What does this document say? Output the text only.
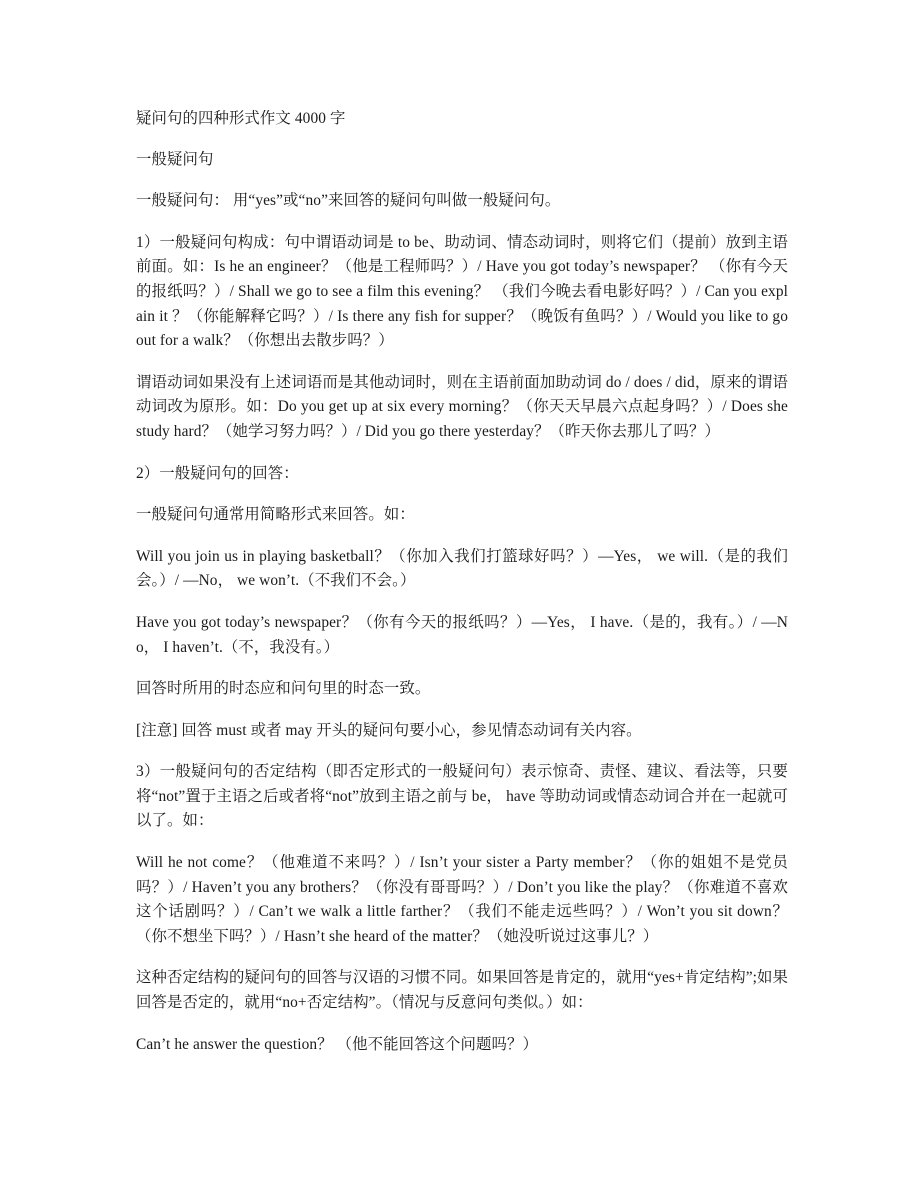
疑问句的四种形式作文 4000 字

一般疑问句

一般疑问句： 用“yes”或“no”来回答的疑问句叫做一般疑问句。

1）一般疑问句构成：句中谓语动词是 to be、助动词、情态动词时，则将它们（提前）放到主语前面。如：Is he an engineer？（他是工程师吗？）/ Have you got today’s newspaper？ （你有今天的报纸吗？）/ Shall we go to see a film this evening？ （我们今晚去看电影好吗？）/ Can you explain it ？（你能解释它吗？）/ Is there any fish for supper？（晚饭有鱼吗？）/ Would you like to go out for a walk？（你想出去散步吗？）

谓语动词如果没有上述词语而是其他动词时，则在主语前面加助动词 do / does / did，原来的谓语动词改为原形。如：Do you get up at six every morning？（你天天早晨六点起身吗？）/ Does she study hard？（她学习努力吗？）/ Did you go there yesterday？（昨天你去那儿了吗？）

2）一般疑问句的回答：

一般疑问句通常用简略形式来回答。如：

Will you join us in playing basketball？（你加入我们打篮球好吗？）—Yes， we will.（是的我们会。）/ —No， we won’t.（不我们不会。）

Have you got today’s newspaper？（你有今天的报纸吗？）—Yes， I have.（是的，我有。）/ —No， I haven’t.（不，我没有。）

回答时所用的时态应和问句里的时态一致。

[注意] 回答 must 或者 may 开头的疑问句要小心，参见情态动词有关内容。

3）一般疑问句的否定结构（即否定形式的一般疑问句）表示惊奇、责怪、建议、看法等，只要将“not”置于主语之后或者将“not”放到主语之前与 be， have 等助动词或情态动词合并在一起就可以了。如：

Will he not come？（他难道不来吗？）/ Isn’t your sister a Party member？（你的姐姐不是党员吗？）/ Haven’t you any brothers？（你没有哥哥吗？）/ Don’t you like the play？（你难道不喜欢这个话剧吗？）/ Can’t we walk a little farther？（我们不能走远些吗？）/ Won’t you sit down？（你不想坐下吗？）/ Hasn’t she heard of the matter？（她没听说过这事儿？）

这种否定结构的疑问句的回答与汉语的习惯不同。如果回答是肯定的，就用“yes+肯定结构”;如果回答是否定的，就用“no+否定结构”。（情况与反意问句类似。）如：

Can’t he answer the question？ （他不能回答这个问题吗？）
